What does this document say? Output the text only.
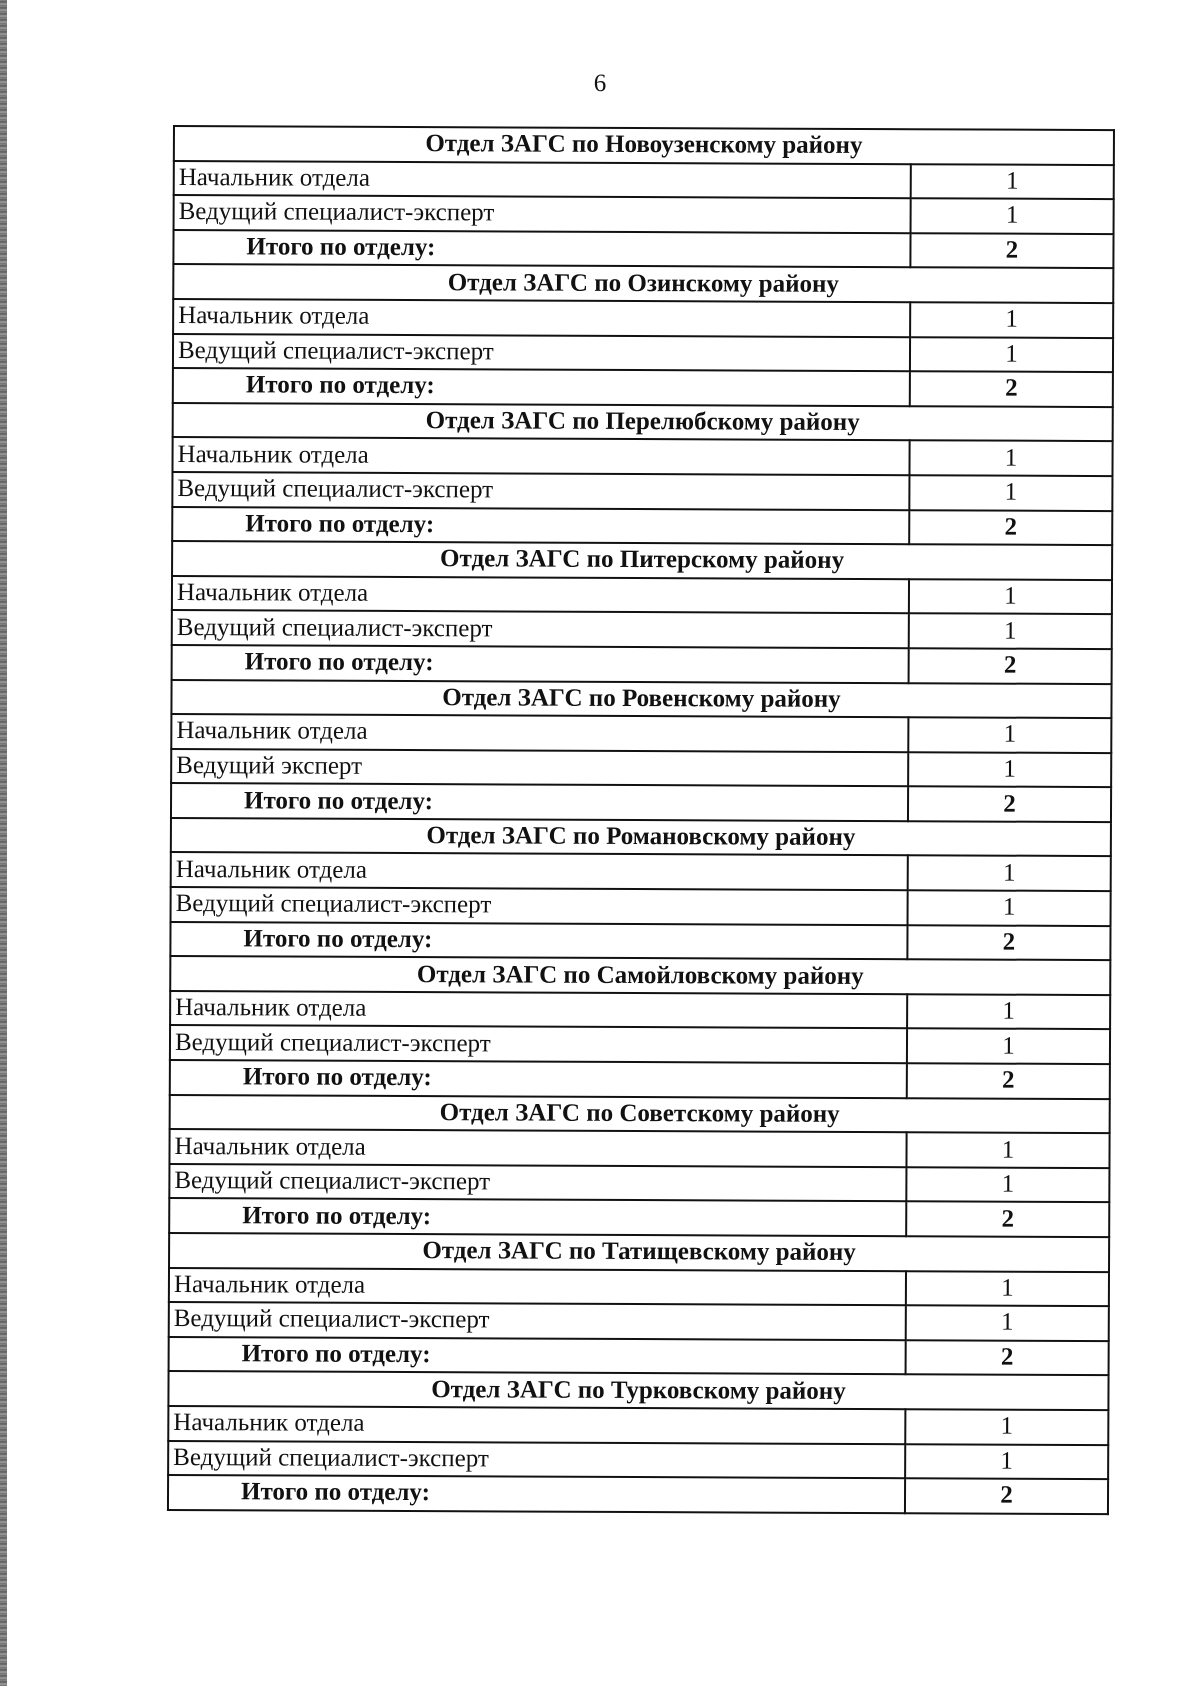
6
Отдел ЗАГС по Новоузенскому району	
Начальник отдела	1
Ведущий специалист-эксперт	1
Итого по отделу:	2
Отдел ЗАГС по Озинскому району	
Начальник отдела	1
Ведущий специалист-эксперт	1
Итого по отделу:	2
Отдел ЗАГС по Перелюбскому району	
Начальник отдела	1
Ведущий специалист-эксперт	1
Итого по отделу:	2
Отдел ЗАГС по Питерскому району	
Начальник отдела	1
Ведущий специалист-эксперт	1
Итого по отделу:	2
Отдел ЗАГС по Ровенскому району	
Начальник отдела	1
Ведущий эксперт	1
Итого по отделу:	2
Отдел ЗАГС по Романовскому району	
Начальник отдела	1
Ведущий специалист-эксперт	1
Итого по отделу:	2
Отдел ЗАГС по Самойловскому району	
Начальник отдела	1
Ведущий специалист-эксперт	1
Итого по отделу:	2
Отдел ЗАГС по Советскому району	
Начальник отдела	1
Ведущий специалист-эксперт	1
Итого по отделу:	2
Отдел ЗАГС по Татищевскому району	
Начальник отдела	1
Ведущий специалист-эксперт	1
Итого по отделу:	2
Отдел ЗАГС по Турковскому району	
Начальник отдела	1
Ведущий специалист-эксперт	1
Итого по отделу:	2
